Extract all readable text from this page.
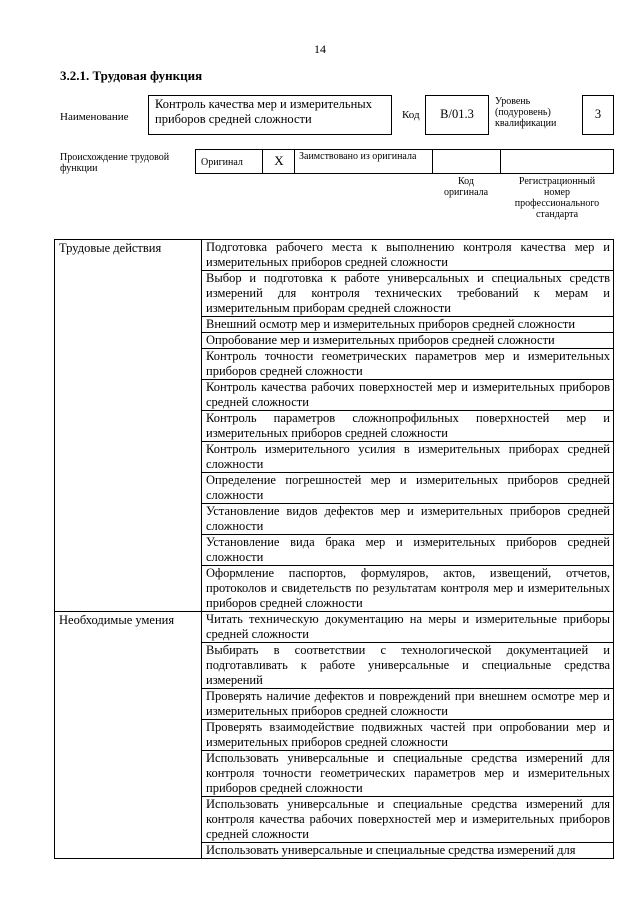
14
3.2.1. Трудовая функция
Наименование
Контроль качества мер и измерительных приборов средней сложности	Код	B/01.3
Уровень (подуровень) квалификации
3
Происхождение трудовой функции
Оригинал	X	Заимствовано из оригинала
Код оригинала
Регистрационный номер профессионального стандарта
Трудовые действия	Подготовка рабочего места к выполнению контроля качества мер и измерительных приборов средней сложности
	Выбор и подготовка к работе универсальных и специальных средств измерений для контроля технических требований к мерам и измерительным приборам средней сложности
	Внешний осмотр мер и измерительных приборов средней сложности
	Опробование мер и измерительных приборов средней сложности
	Контроль точности геометрических параметров мер и измерительных приборов средней сложности
	Контроль качества рабочих поверхностей мер и измерительных приборов средней сложности
	Контроль параметров сложнопрофильных поверхностей мер и измерительных приборов средней сложности
	Контроль измерительного усилия в измерительных приборах средней сложности
	Определение погрешностей мер и измерительных приборов средней сложности
	Установление видов дефектов мер и измерительных приборов средней сложности
	Установление вида брака мер и измерительных приборов средней сложности
	Оформление паспортов, формуляров, актов, извещений, отчетов, протоколов и свидетельств по результатам контроля мер и измерительных приборов средней сложности
Необходимые умения	Читать техническую документацию на меры и измерительные приборы средней сложности
	Выбирать в соответствии с технологической документацией и подготавливать к работе универсальные и специальные средства измерений
	Проверять наличие дефектов и повреждений при внешнем осмотре мер и измерительных приборов средней сложности
	Проверять взаимодействие подвижных частей при опробовании мер и измерительных приборов средней сложности
	Использовать универсальные и специальные средства измерений для контроля точности геометрических параметров мер и измерительных приборов средней сложности
	Использовать универсальные и специальные средства измерений для контроля качества рабочих поверхностей мер и измерительных приборов средней сложности
	Использовать универсальные и специальные средства измерений для
